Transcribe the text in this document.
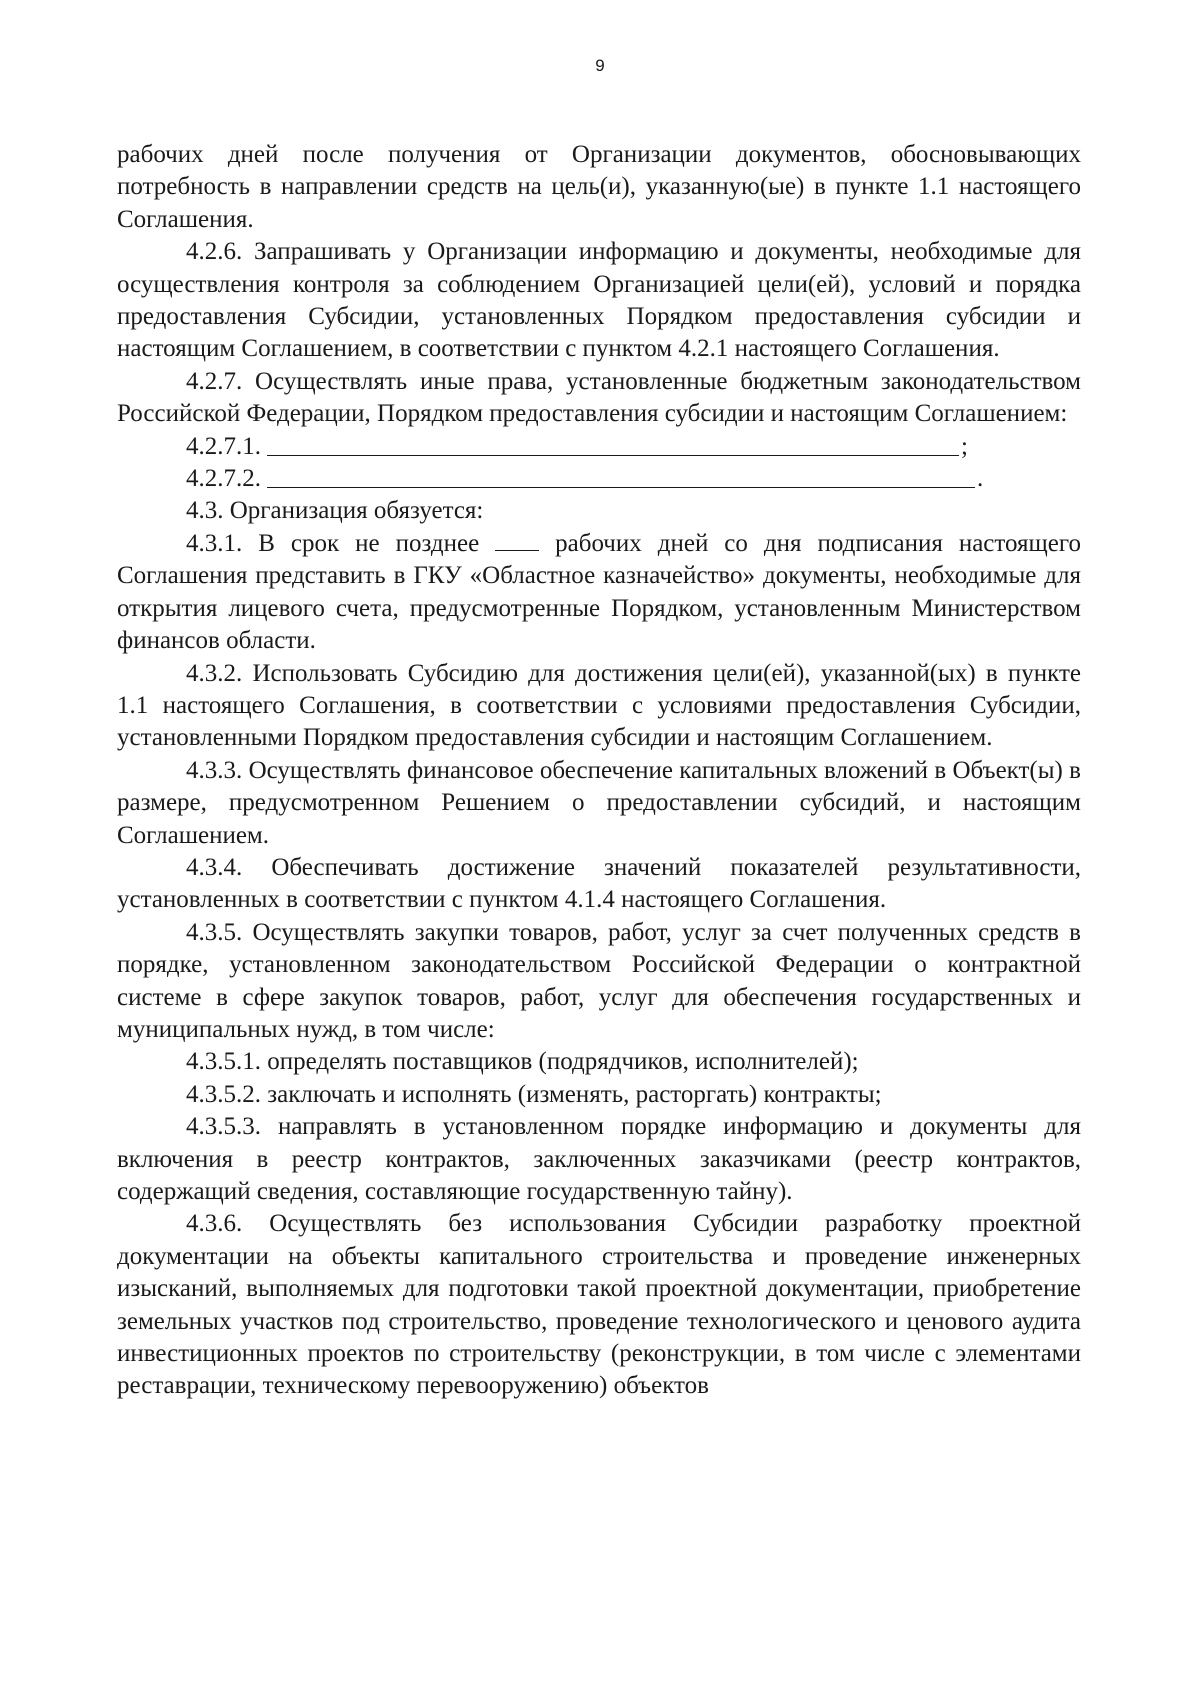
9

рабочих дней после получения от Организации документов, обосновывающих потребность в направлении средств на цель(и), указанную(ые) в пункте 1.1 настоящего Соглашения.

4.2.6. Запрашивать у Организации информацию и документы, необходимые для осуществления контроля за соблюдением Организацией цели(ей), условий и порядка предоставления Субсидии, установленных Порядком предоставления субсидии и настоящим Соглашением, в соответствии с пунктом 4.2.1 настоящего Соглашения.

4.2.7. Осуществлять иные права, установленные бюджетным законодательством Российской Федерации, Порядком предоставления субсидии и настоящим Соглашением:

4.2.7.1.	;
4.2.7.2.	.

4.3. Организация обязуется:

4.3.1. В срок не позднее	рабочих дней со дня подписания настоящего Соглашения представить в ГКУ «Областное казначейство» документы, необходимые для открытия лицевого счета, предусмотренные Порядком, установленным Министерством финансов области.

4.3.2. Использовать Субсидию для достижения цели(ей), указанной(ых) в пункте 1.1 настоящего Соглашения, в соответствии с условиями предоставления Субсидии, установленными Порядком предоставления субсидии и настоящим Соглашением.

4.3.3. Осуществлять финансовое обеспечение капитальных вложений в Объект(ы) в размере, предусмотренном Решением о предоставлении субсидий, и настоящим Соглашением.

4.3.4. Обеспечивать достижение значений показателей результативности, установленных в соответствии с пунктом 4.1.4 настоящего Соглашения.

4.3.5. Осуществлять закупки товаров, работ, услуг за счет полученных средств в порядке, установленном законодательством Российской Федерации о контрактной системе в сфере закупок товаров, работ, услуг для обеспечения государственных и муниципальных нужд, в том числе:

4.3.5.1. определять поставщиков (подрядчиков, исполнителей);

4.3.5.2. заключать и исполнять (изменять, расторгать) контракты;

4.3.5.3. направлять в установленном порядке информацию и документы для включения в реестр контрактов, заключенных заказчиками (реестр контрактов, содержащий сведения, составляющие государственную тайну).

4.3.6. Осуществлять без использования Субсидии разработку проектной документации на объекты капитального строительства и проведение инженерных изысканий, выполняемых для подготовки такой проектной документации, приобретение земельных участков под строительство, проведение технологического и ценового аудита инвестиционных проектов по строительству (реконструкции, в том числе с элементами реставрации, техническому перевооружению) объектов
